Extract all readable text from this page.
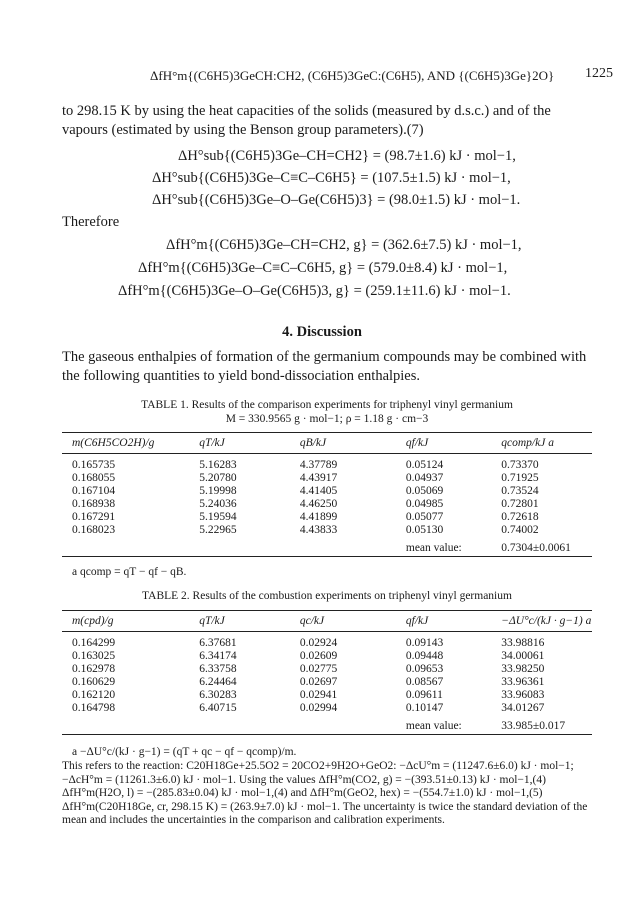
ΔfH°m{(C6H5)3GeCH:CH2, (C6H5)3GeC:(C6H5), AND {(C6H5)3Ge}2O}	1225
to 298.15 K by using the heat capacities of the solids (measured by d.s.c.) and of the vapours (estimated by using the Benson group parameters).(7)
ΔH°sub{(C6H5)3Ge–CH=CH2} = (98.7±1.6) kJ · mol−1,
ΔH°sub{(C6H5)3Ge–C≡C–C6H5} = (107.5±1.5) kJ · mol−1,
ΔH°sub{(C6H5)3Ge–O–Ge(C6H5)3} = (98.0±1.5) kJ · mol−1.
Therefore
ΔfH°m{(C6H5)3Ge–CH=CH2, g} = (362.6±7.5) kJ · mol−1,
ΔfH°m{(C6H5)3Ge–C≡C–C6H5, g} = (579.0±8.4) kJ · mol−1,
ΔfH°m{(C6H5)3Ge–O–Ge(C6H5)3, g} = (259.1±11.6) kJ · mol−1.
4. Discussion
The gaseous enthalpies of formation of the germanium compounds may be combined with the following quantities to yield bond-dissociation enthalpies.
TABLE 1. Results of the comparison experiments for triphenyl vinyl germanium
M = 330.9565 g · mol−1; ρ = 1.18 g · cm−3
m(C6H5CO2H)/g	qT/kJ	qB/kJ	qf/kJ	qcomp/kJ a
0.165735	5.16283	4.37789	0.05124	0.73370
0.168055	5.20780	4.43917	0.04937	0.71925
0.167104	5.19998	4.41405	0.05069	0.73524
0.168938	5.24036	4.46250	0.04985	0.72801
0.167291	5.19594	4.41899	0.05077	0.72618
0.168023	5.22965	4.43833	0.05130	0.74002
			mean value:	0.7304±0.0061
a qcomp = qT − qf − qB.
TABLE 2. Results of the combustion experiments on triphenyl vinyl germanium
m(cpd)/g	qT/kJ	qc/kJ	qf/kJ	−ΔU°c/(kJ · g−1) a
0.164299	6.37681	0.02924	0.09143	33.98816
0.163025	6.34174	0.02609	0.09448	34.00061
0.162978	6.33758	0.02775	0.09653	33.98250
0.160629	6.24464	0.02697	0.08567	33.96361
0.162120	6.30283	0.02941	0.09611	33.96083
0.164798	6.40715	0.02994	0.10147	34.01267
			mean value:	33.985±0.017
a −ΔU°c/(kJ · g−1) = (qT + qc − qf − qcomp)/m.
This refers to the reaction: C20H18Ge+25.5O2 = 20CO2+9H2O+GeO2: −ΔcU°m = (11247.6±6.0) kJ · mol−1; −ΔcH°m = (11261.3±6.0) kJ · mol−1. Using the values ΔfH°m(CO2, g) = −(393.51±0.13) kJ · mol−1,(4) ΔfH°m(H2O, l) = −(285.83±0.04) kJ · mol−1,(4) and ΔfH°m(GeO2, hex) = −(554.7±1.0) kJ · mol−1,(5) ΔfH°m(C20H18Ge, cr, 298.15 K) = (263.9±7.0) kJ · mol−1. The uncertainty is twice the standard deviation of the mean and includes the uncertainties in the comparison and calibration experiments.
